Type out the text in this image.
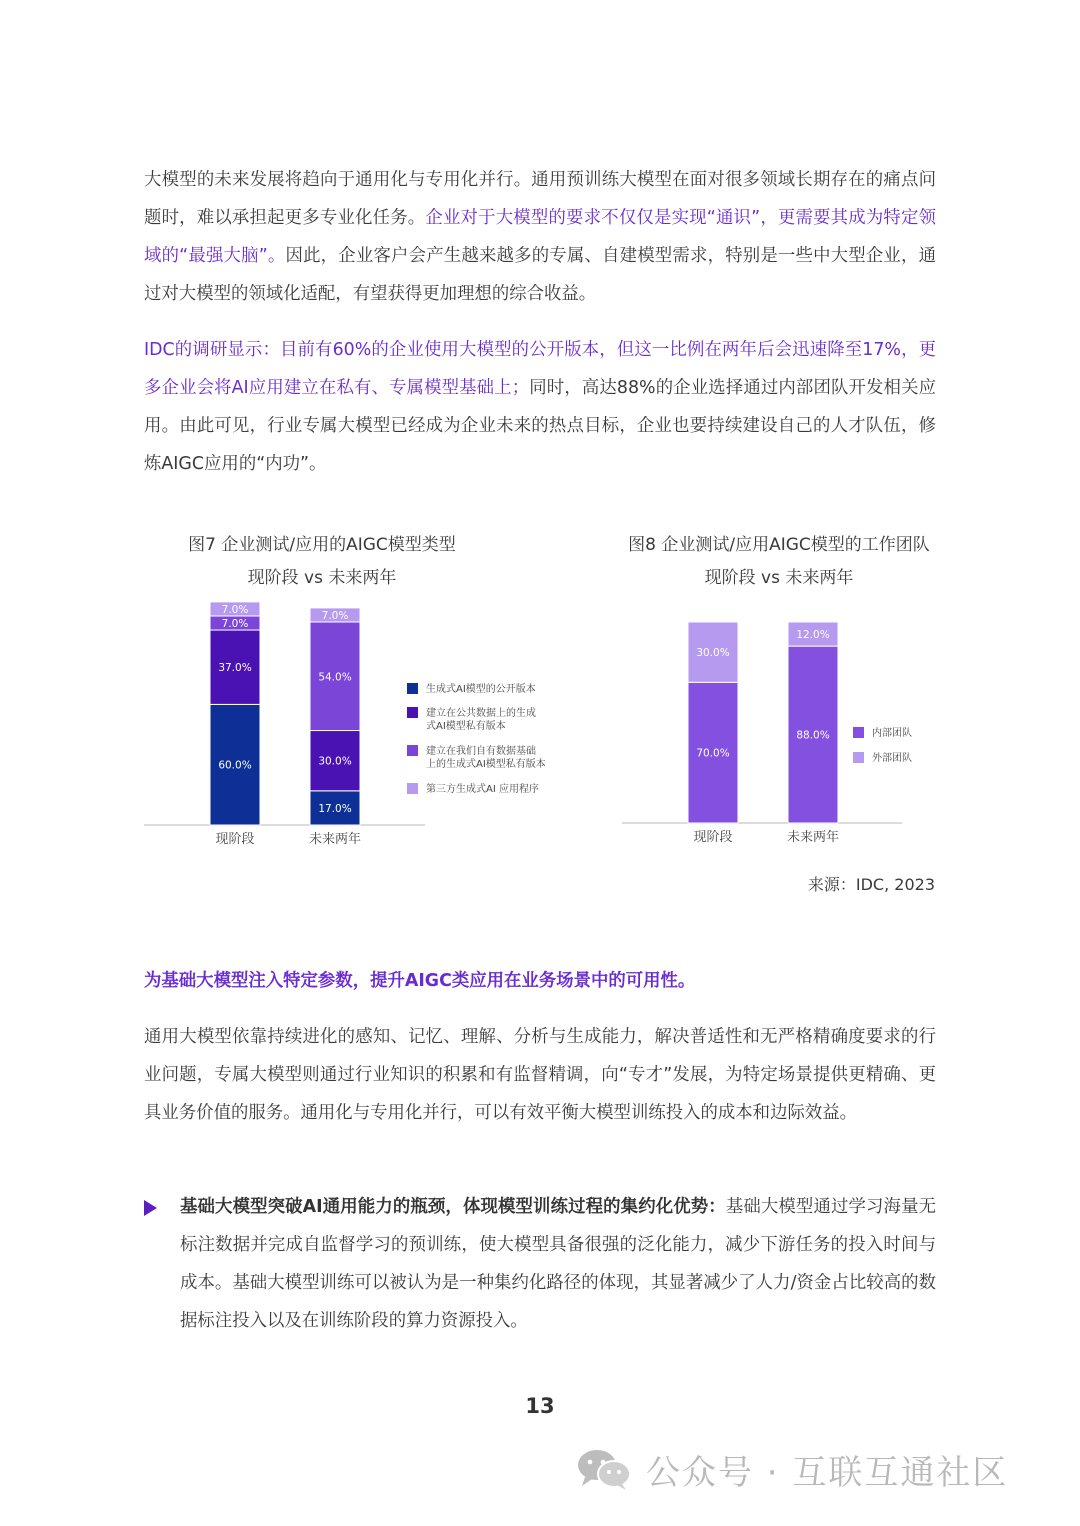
大模型的未来发展将趋向于通用化与专用化并行。通用预训练大模型在面对很多领域长期存在的痛点问题时，难以承担起更多专业化任务。企业对于大模型的要求不仅仅是实现“通识”，更需要其成为特定领域的“最强大脑”。因此，企业客户会产生越来越多的专属、自建模型需求，特别是一些中大型企业，通过对大模型的领域化适配，有望获得更加理想的综合收益。

IDC的调研显示：目前有60%的企业使用大模型的公开版本，但这一比例在两年后会迅速降至17%，更多企业会将AI应用建立在私有、专属模型基础上；同时，高达88%的企业选择通过内部团队开发相关应用。由此可见，行业专属大模型已经成为企业未来的热点目标，企业也要持续建设自己的人才队伍，修炼AIGC应用的“内功”。

图7 企业测试/应用的AIGC模型类型
现阶段 vs 未来两年
图8 企业测试/应用AIGC模型的工作团队
现阶段 vs 未来两年
60.0%
37.0%
7.0%
7.0%
现阶段
17.0%
30.0%
54.0%
7.0%
未来两年
生成式AI模型的公开版本
建立在公共数据上的生成
式AI模型私有版本
建立在我们自有数据基础
上的生成式AI模型私有版本
第三方生成式AI 应用程序
70.0%
30.0%
现阶段
88.0%
12.0%
未来两年
内部团队
外部团队
来源：IDC, 2023

为基础大模型注入特定参数，提升AIGC类应用在业务场景中的可用性。

通用大模型依靠持续进化的感知、记忆、理解、分析与生成能力，解决普适性和无严格精确度要求的行业问题，专属大模型则通过行业知识的积累和有监督精调，向“专才”发展，为特定场景提供更精确、更具业务价值的服务。通用化与专用化并行，可以有效平衡大模型训练投入的成本和边际效益。

基础大模型突破AI通用能力的瓶颈，体现模型训练过程的集约化优势：基础大模型通过学习海量无标注数据并完成自监督学习的预训练，使大模型具备很强的泛化能力，减少下游任务的投入时间与成本。基础大模型训练可以被认为是一种集约化路径的体现，其显著减少了人力/资金占比较高的数据标注投入以及在训练阶段的算力资源投入。

13
公众号 · 互联互通社区
